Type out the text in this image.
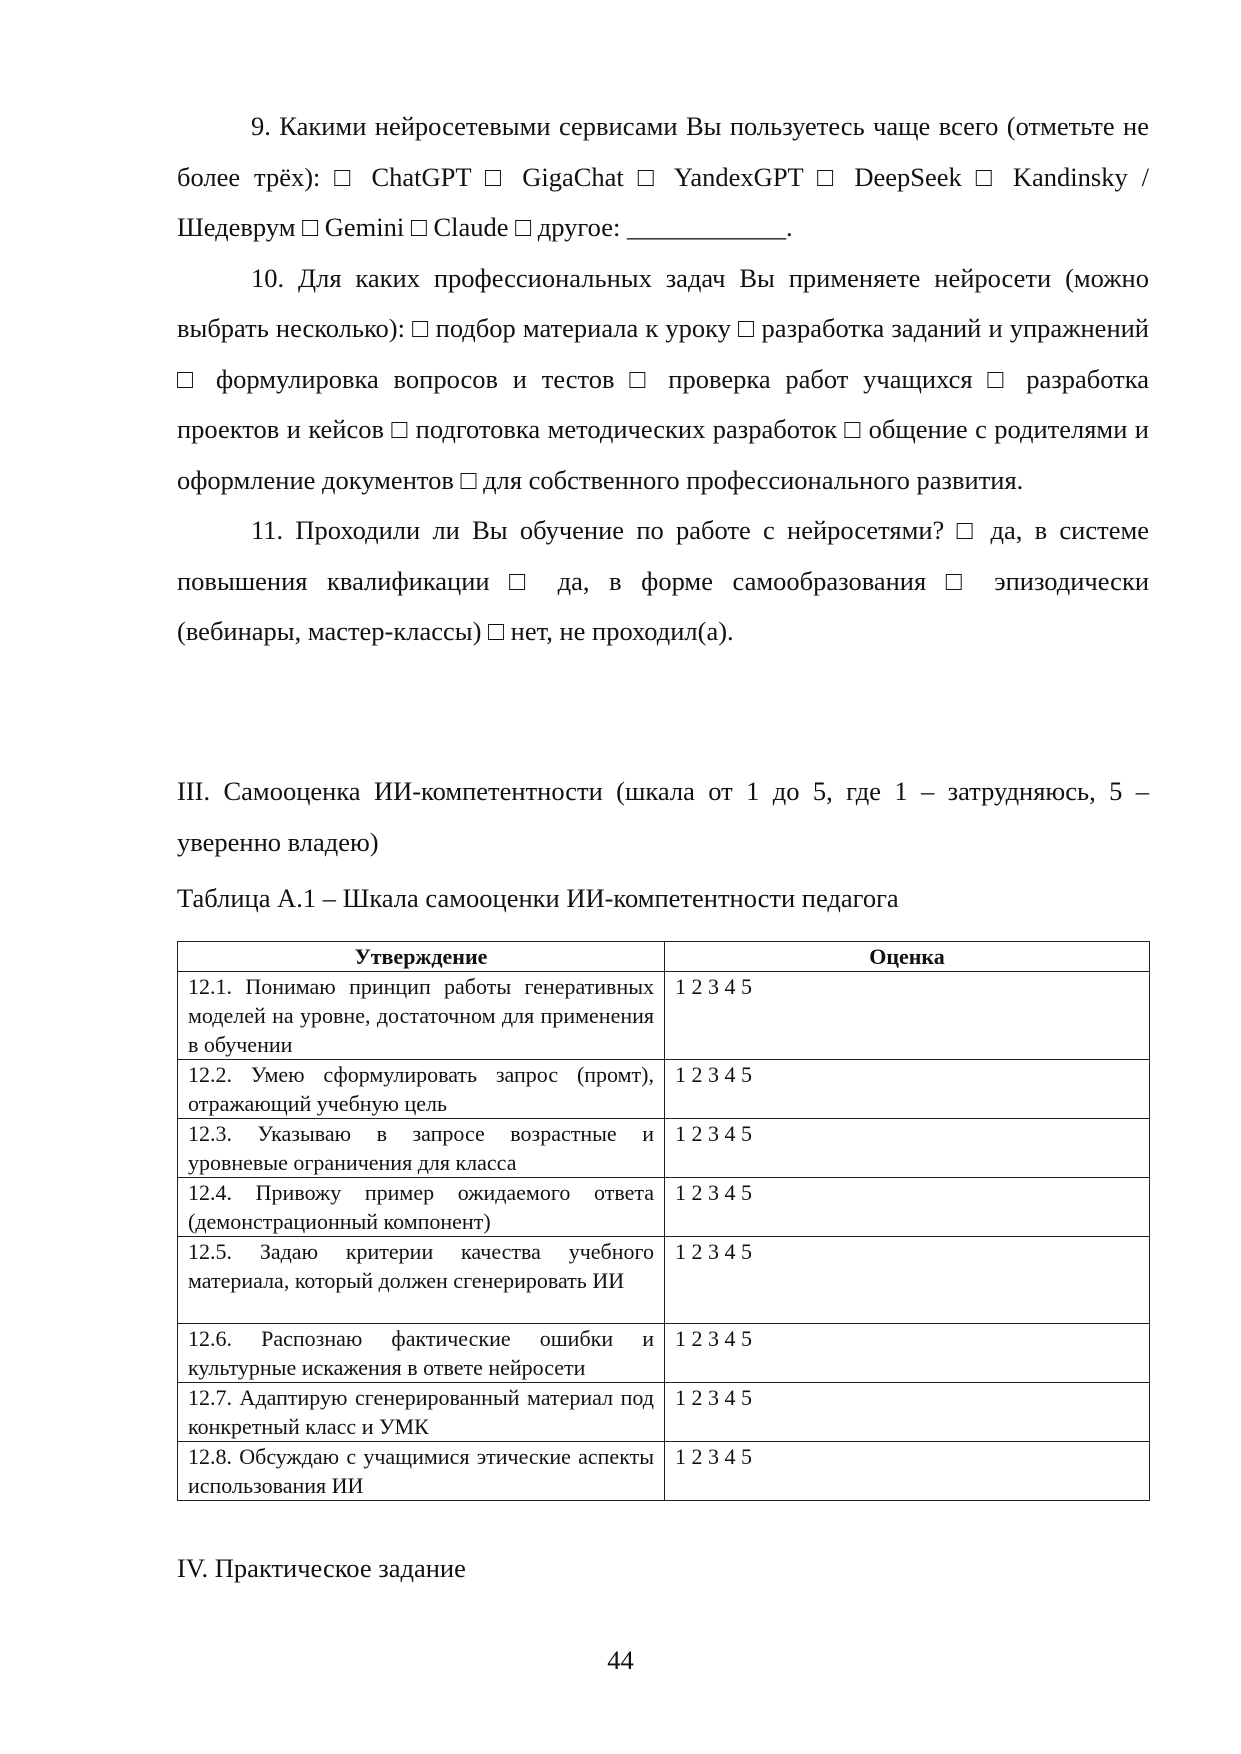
9. Какими нейросетевыми сервисами Вы пользуетесь чаще всего (отметьте не более трёх): □ ChatGPT □ GigaChat □ YandexGPT □ DeepSeek □ Kandinsky / Шедеврум □ Gemini □ Claude □ другое: ____________.

10. Для каких профессиональных задач Вы применяете нейросети (можно выбрать несколько): □ подбор материала к уроку □ разработка заданий и упражнений □ формулировка вопросов и тестов □ проверка работ учащихся □ разработка проектов и кейсов □ подготовка методических разработок □ общение с родителями и оформление документов □ для собственного профессионального развития.

11. Проходили ли Вы обучение по работе с нейросетями? □ да, в системе повышения квалификации □ да, в форме самообразования □ эпизодически (вебинары, мастер-классы) □ нет, не проходил(а).

III. Самооценка ИИ-компетентности (шкала от 1 до 5, где 1 – затрудняюсь, 5 – уверенно владею)
Таблица А.1 – Шкала самооценки ИИ-компетентности педагога
Утверждение	Оценка
12.1. Понимаю принцип работы генеративных моделей на уровне, достаточном для применения в обучении	1 2 3 4 5
12.2. Умею сформулировать запрос (промт), отражающий учебную цель	1 2 3 4 5
12.3. Указываю в запросе возрастные и уровневые ограничения для класса	1 2 3 4 5
12.4. Привожу пример ожидаемого ответа (демонстрационный компонент)	1 2 3 4 5
12.5. Задаю критерии качества учебного материала, который должен сгенерировать ИИ	1 2 3 4 5
12.6. Распознаю фактические ошибки и культурные искажения в ответе нейросети	1 2 3 4 5
12.7. Адаптирую сгенерированный материал под конкретный класс и УМК	1 2 3 4 5
12.8. Обсуждаю с учащимися этические аспекты использования ИИ	1 2 3 4 5
IV. Практическое задание
44
